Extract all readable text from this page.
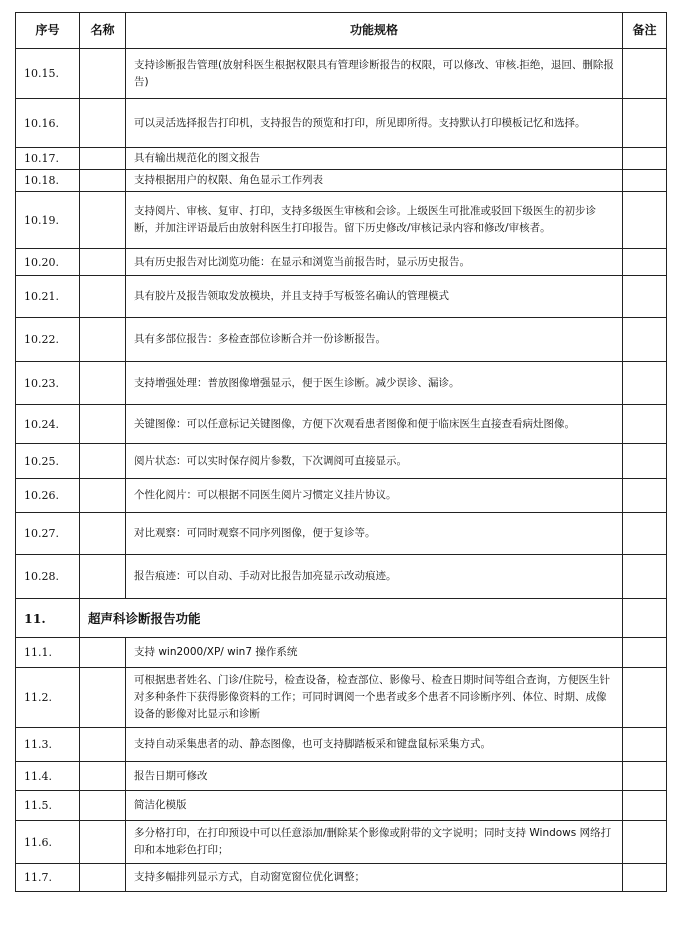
序号	名称	功能规格	备注
10.15.		支持诊断报告管理(放射科医生根据权限具有管理诊断报告的权限，可以修改、审核.拒绝，退回、删除报告)	
10.16.		可以灵活选择报告打印机，支持报告的预览和打印，所见即所得。支持默认打印模板记忆和选择。	
10.17.		具有输出规范化的图文报告	
10.18.		支持根据用户的权限、角色显示工作列表	
10.19.		支持阅片、审核、复审、打印，支持多级医生审核和会诊。上级医生可批准或驳回下级医生的初步诊断，并加注评语最后由放射科医生打印报告。留下历史修改/审核记录内容和修改/审核者。	
10.20.		具有历史报告对比浏览功能：在显示和浏览当前报告时，显示历史报告。	
10.21.		具有胶片及报告领取发放模块，并且支持手写板签名确认的管理模式	
10.22.		具有多部位报告：多检查部位诊断合并一份诊断报告。	
10.23.		支持增强处理：普放图像增强显示，便于医生诊断。减少误诊、漏诊。	
10.24.		关键图像：可以任意标记关键图像，方便下次观看患者图像和便于临床医生直接查看病灶图像。	
10.25.		阅片状态：可以实时保存阅片参数，下次调阅可直接显示。	
10.26.		个性化阅片：可以根据不同医生阅片习惯定义挂片协议。	
10.27.		对比观察：可同时观察不同序列图像，便于复诊等。	
10.28.		报告痕迹：可以自动、手动对比报告加亮显示改动痕迹。	
11.	超声科诊断报告功能		
11.1.		支持 win2000/XP/ win7 操作系统	
11.2.		可根据患者姓名、门诊/住院号，检查设备，检查部位、影像号、检查日期时间等组合查询，方便医生针对多种条件下获得影像资料的工作；可同时调阅一个患者或多个患者不同诊断序列、体位、时期、成像设备的影像对比显示和诊断	
11.3.		支持自动采集患者的动、静态图像，也可支持脚踏板采和键盘鼠标采集方式。	
11.4.		报告日期可修改	
11.5.		简洁化模版	
11.6.		多分格打印，在打印预设中可以任意添加/删除某个影像或附带的文字说明；同时支持 Windows 网络打印和本地彩色打印；	
11.7.		支持多幅排列显示方式，自动窗宽窗位优化调整；	
